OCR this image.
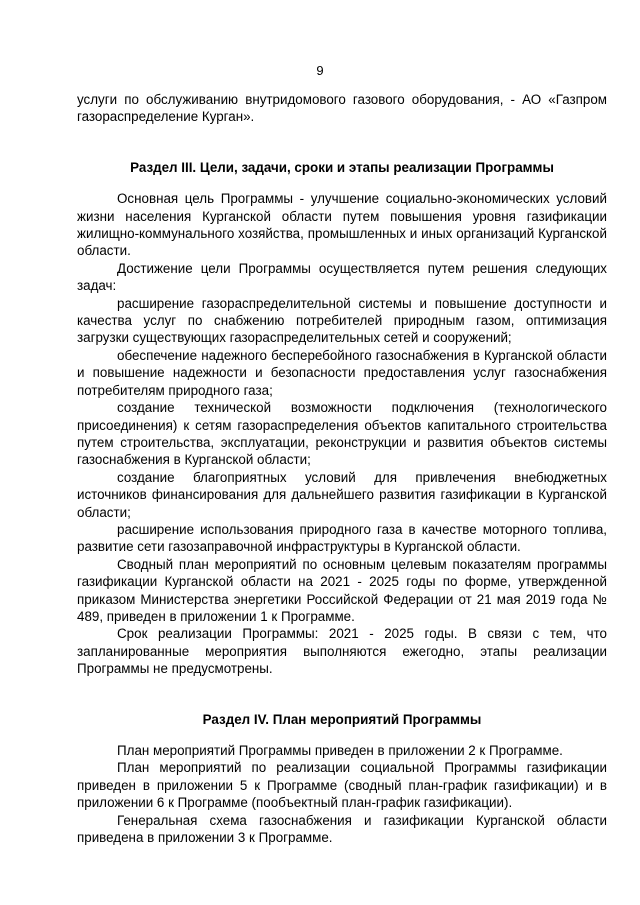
9

услуги по обслуживанию внутридомового газового оборудования, - АО «Газпром газораспределение Курган».

Раздел III. Цели, задачи, сроки и этапы реализации Программы

Основная цель Программы - улучшение социально-экономических условий жизни населения Курганской области путем повышения уровня газификации жилищно-коммунального хозяйства, промышленных и иных организаций Курганской области.

Достижение цели Программы осуществляется путем решения следующих задач:

расширение газораспределительной системы и повышение доступности и качества услуг по снабжению потребителей природным газом, оптимизация загрузки существующих газораспределительных сетей и сооружений;

обеспечение надежного бесперебойного газоснабжения в Курганской области и повышение надежности и безопасности предоставления услуг газоснабжения потребителям природного газа;

создание технической возможности подключения (технологического присоединения) к сетям газораспределения объектов капитального строительства путем строительства, эксплуатации, реконструкции и развития объектов системы газоснабжения в Курганской области;

создание благоприятных условий для привлечения внебюджетных источников финансирования для дальнейшего развития газификации в Курганской области;

расширение использования природного газа в качестве моторного топлива, развитие сети газозаправочной инфраструктуры в Курганской области.

Сводный план мероприятий по основным целевым показателям программы газификации Курганской области на 2021 - 2025 годы по форме, утвержденной приказом Министерства энергетики Российской Федерации от 21 мая 2019 года № 489, приведен в приложении 1 к Программе.

Срок реализации Программы: 2021 - 2025 годы. В связи с тем, что запланированные мероприятия выполняются ежегодно, этапы реализации Программы не предусмотрены.

Раздел IV. План мероприятий Программы

План мероприятий Программы приведен в приложении 2 к Программе.

План мероприятий по реализации социальной Программы газификации приведен в приложении 5 к Программе (сводный план-график газификации) и в приложении 6 к Программе (пообъектный план-график газификации).

Генеральная схема газоснабжения и газификации Курганской области приведена в приложении 3 к Программе.
